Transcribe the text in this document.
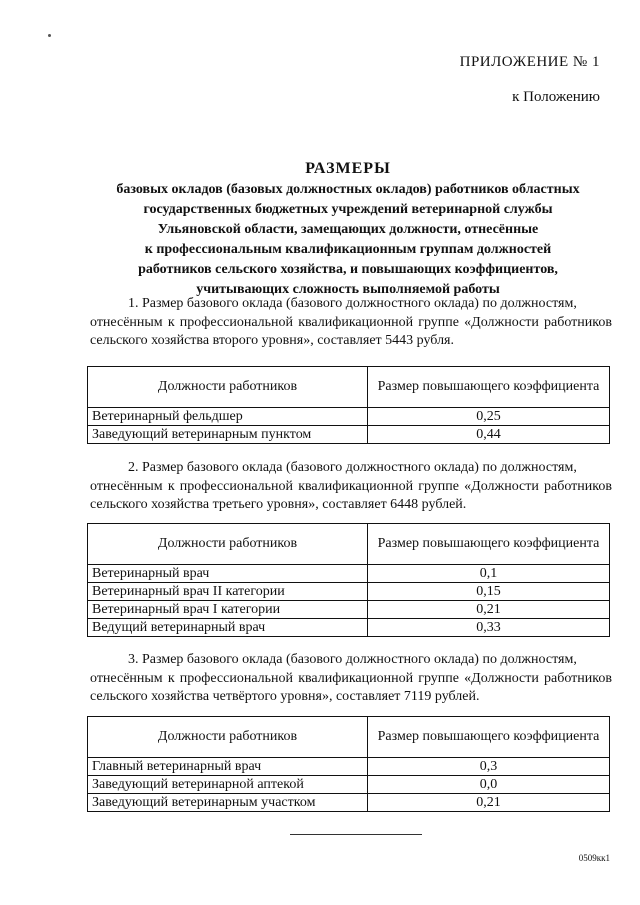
ПРИЛОЖЕНИЕ № 1
к Положению
РАЗМЕРЫ
базовых окладов (базовых должностных окладов) работников областных
государственных бюджетных учреждений ветеринарной службы
Ульяновской области, замещающих должности, отнесённые
к профессиональным квалификационным группам должностей
работников сельского хозяйства, и повышающих коэффициентов,
учитывающих сложность выполняемой работы

1. Размер базового оклада (базового должностного оклада) по должностям,
отнесённым к профессиональной квалификационной группе «Должности работников сельского хозяйства второго уровня», составляет 5443 рубля.

Должности работников	Размер повышающего коэффициента
Ветеринарный фельдшер	0,25
Заведующий ветеринарным пунктом	0,44

2. Размер базового оклада (базового должностного оклада) по должностям,
отнесённым к профессиональной квалификационной группе «Должности работников сельского хозяйства третьего уровня», составляет 6448 рублей.

Должности работников	Размер повышающего коэффициента
Ветеринарный врач	0,1
Ветеринарный врач II категории	0,15
Ветеринарный врач I категории	0,21
Ведущий ветеринарный врач	0,33

3. Размер базового оклада (базового должностного оклада) по должностям,
отнесённым к профессиональной квалификационной группе «Должности работников сельского хозяйства четвёртого уровня», составляет 7119 рублей.

Должности работников	Размер повышающего коэффициента
Главный ветеринарный врач	0,3
Заведующий ветеринарной аптекой	0,0
Заведующий ветеринарным участком	0,21
0509кк1
